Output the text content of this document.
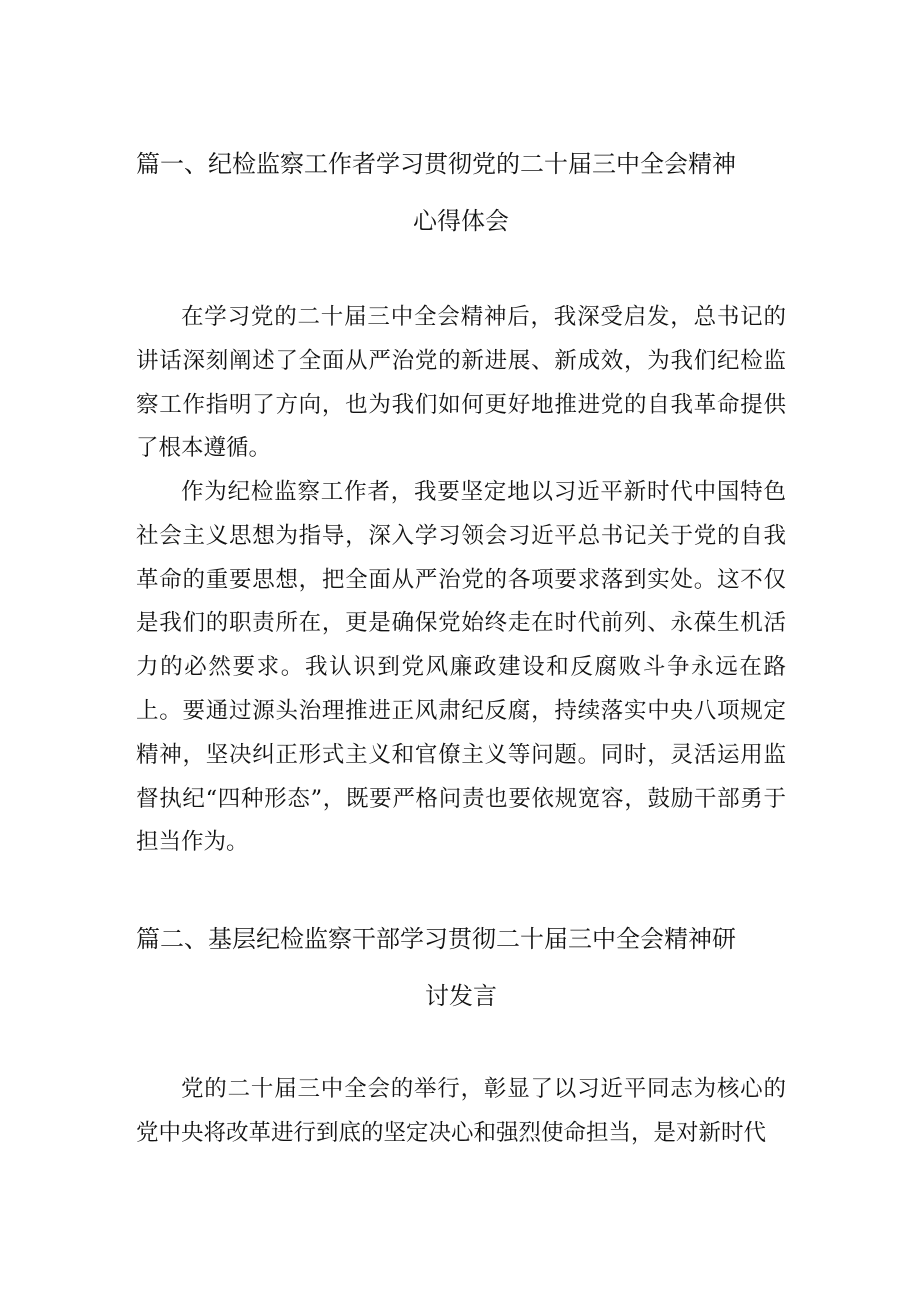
篇一、纪检监察工作者学习贯彻党的二十届三中全会精神
心得体会

在学习党的二十届三中全会精神后，我深受启发，总书记的讲话深刻阐述了全面从严治党的新进展、新成效，为我们纪检监察工作指明了方向，也为我们如何更好地推进党的自我革命提供了根本遵循。

作为纪检监察工作者，我要坚定地以习近平新时代中国特色社会主义思想为指导，深入学习领会习近平总书记关于党的自我革命的重要思想，把全面从严治党的各项要求落到实处。这不仅是我们的职责所在，更是确保党始终走在时代前列、永葆生机活力的必然要求。我认识到党风廉政建设和反腐败斗争永远在路上。要通过源头治理推进正风肃纪反腐，持续落实中央八项规定精神，坚决纠正形式主义和官僚主义等问题。同时，灵活运用监督执纪“四种形态”，既要严格问责也要依规宽容，鼓励干部勇于担当作为。

篇二、基层纪检监察干部学习贯彻二十届三中全会精神研
讨发言

党的二十届三中全会的举行，彰显了以习近平同志为核心的党中央将改革进行到底的坚定决心和强烈使命担当，是对新时代
